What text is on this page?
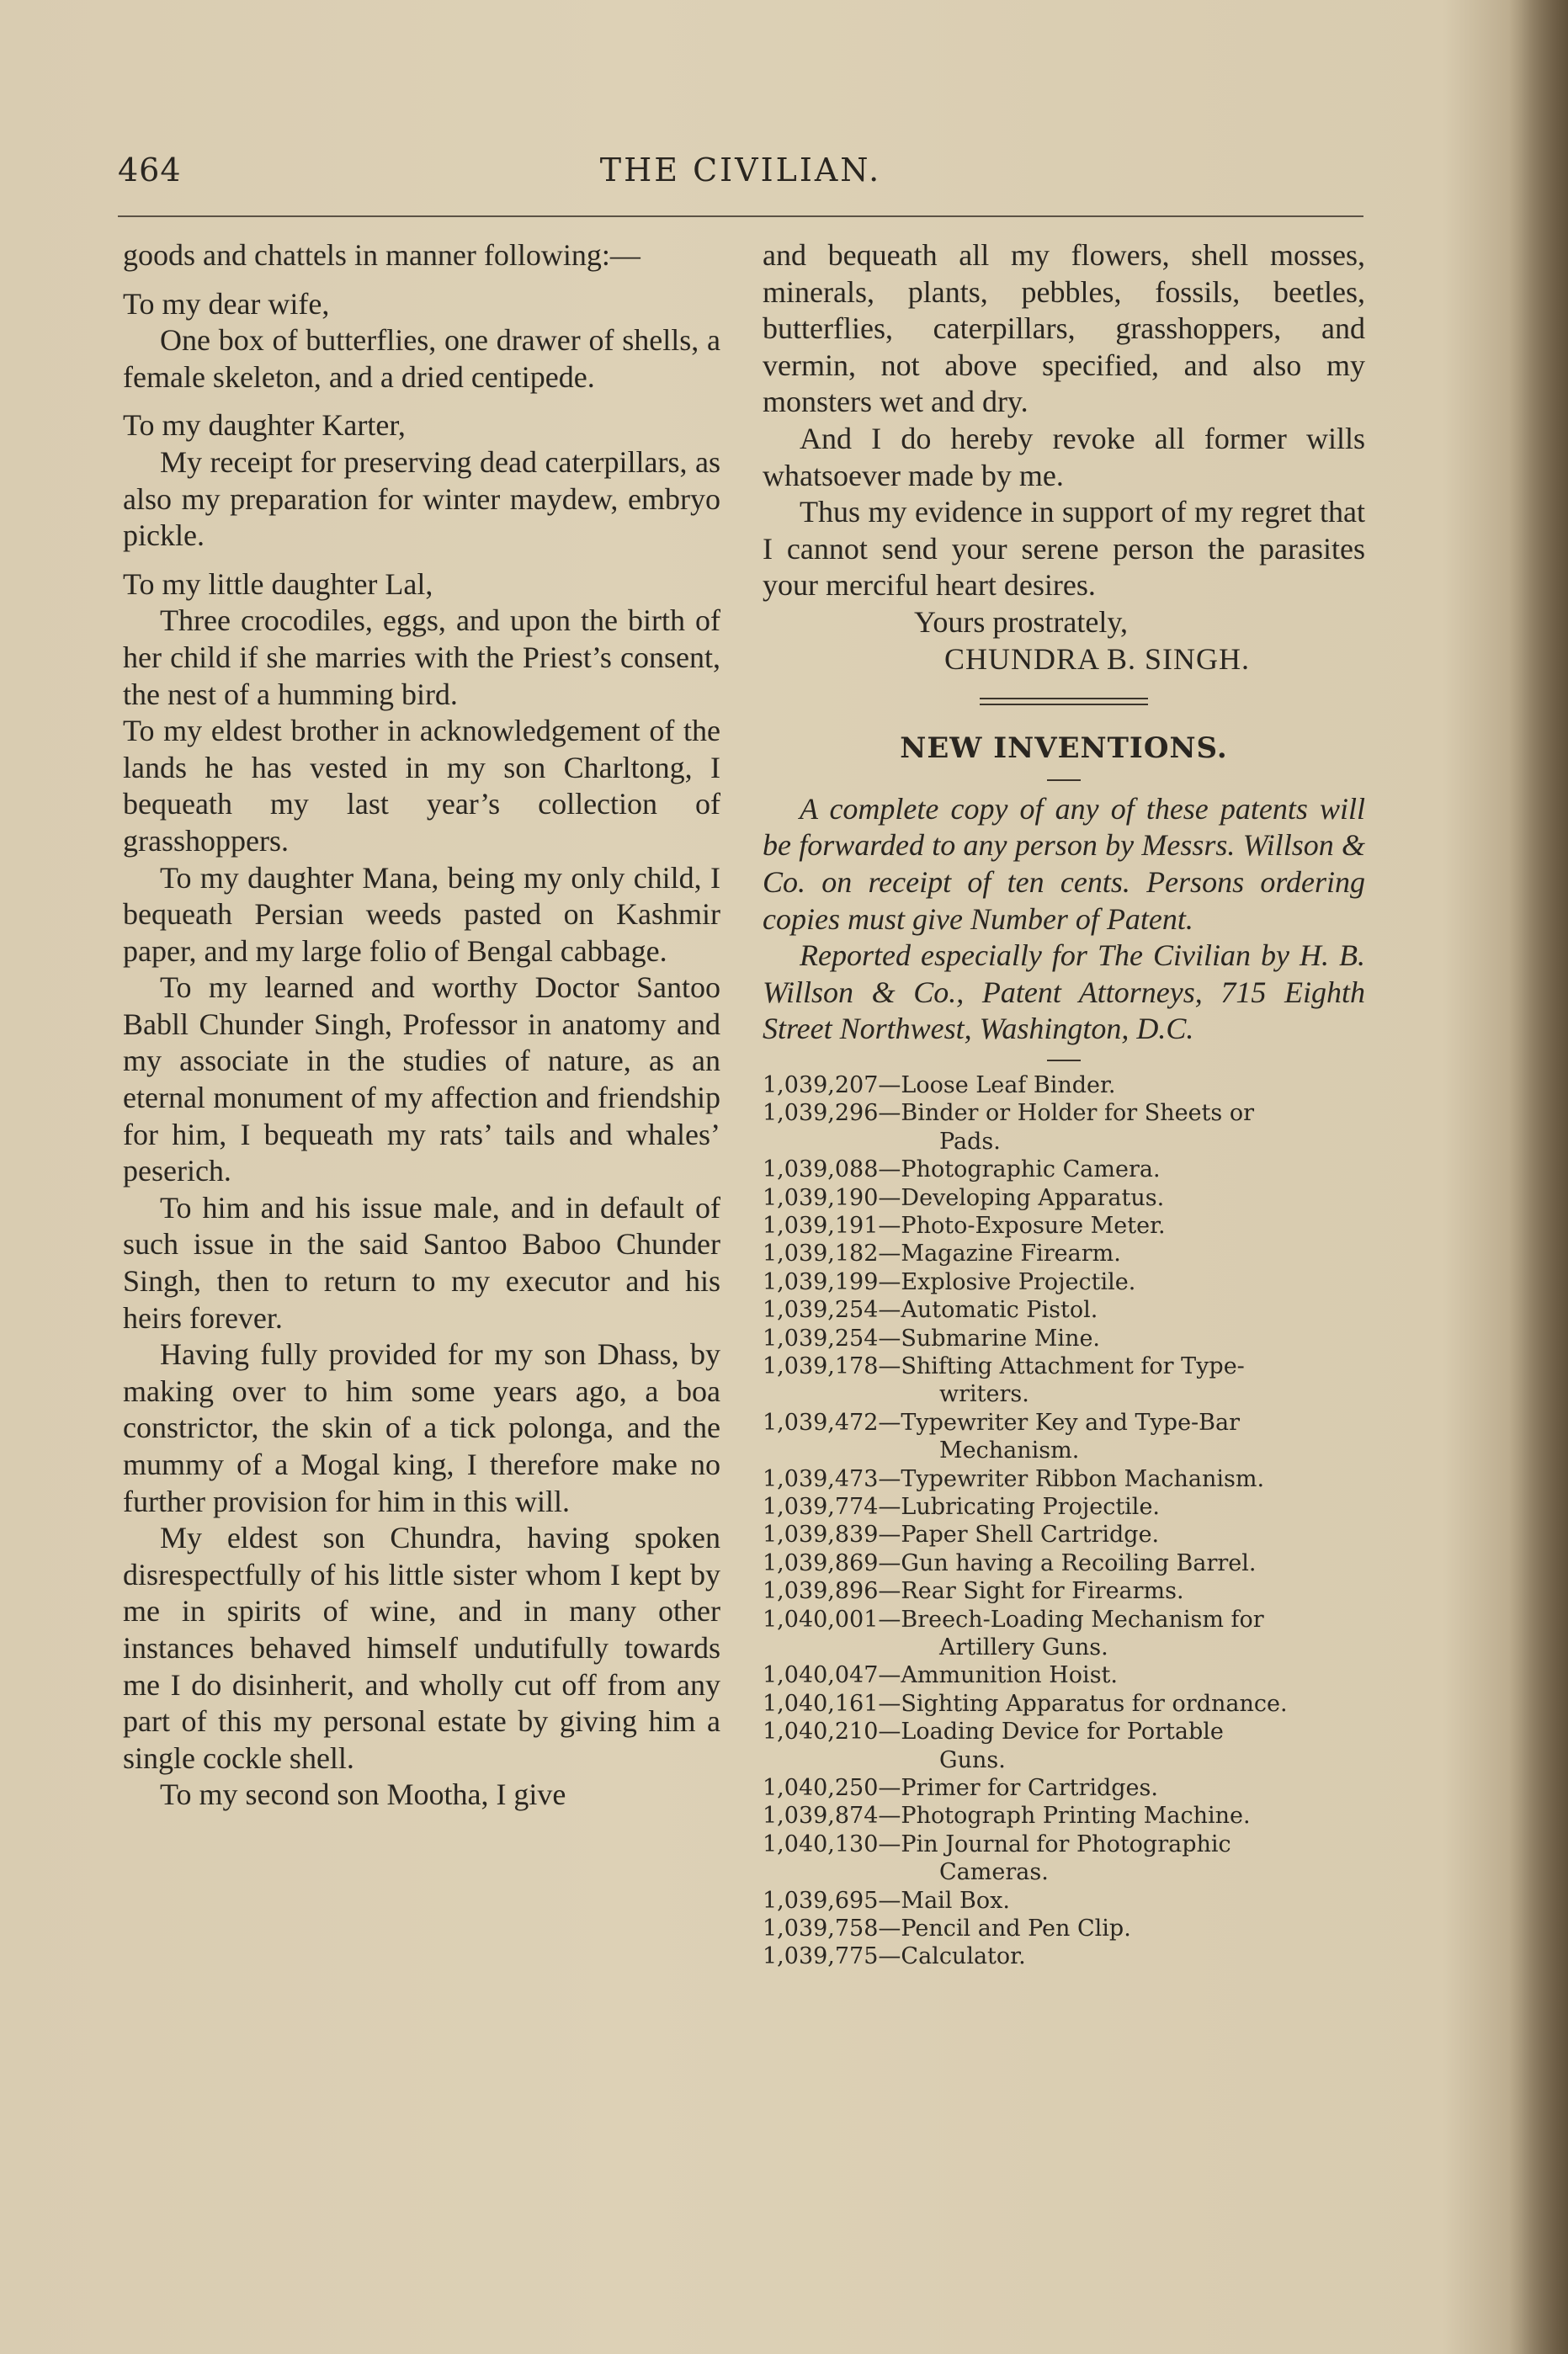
464	THE CIVILIAN.

goods and chattels in manner following:—

To my dear wife,

One box of butterflies, one drawer of shells, a female skeleton, and a dried centipede.

To my daughter Karter,

My receipt for preserving dead caterpillars, as also my preparation for winter maydew, embryo pickle.

To my little daughter Lal,

Three crocodiles, eggs, and upon the birth of her child if she marries with the Priest’s consent, the nest of a humming bird.

To my eldest brother in acknowledgement of the lands he has vested in my son Charltong, I bequeath my last year’s collection of grasshoppers.

To my daughter Mana, being my only child, I bequeath Persian weeds pasted on Kashmir paper, and my large folio of Bengal cabbage.

To my learned and worthy Doctor Santoo Babll Chunder Singh, Professor in anatomy and my associate in the studies of nature, as an eternal monument of my affection and friendship for him, I bequeath my rats’ tails and whales’ peserich.

To him and his issue male, and in default of such issue in the said Santoo Baboo Chunder Singh, then to return to my executor and his heirs forever.

Having fully provided for my son Dhass, by making over to him some years ago, a boa constrictor, the skin of a tick polonga, and the mummy of a Mogal king, I therefore make no further provision for him in this will.

My eldest son Chundra, having spoken disrespectfully of his little sister whom I kept by me in spirits of wine, and in many other instances behaved himself undutifully towards me I do disinherit, and wholly cut off from any part of this my personal estate by giving him a single cockle shell.

To my second son Mootha, I give

and bequeath all my flowers, shell mosses, minerals, plants, pebbles, fossils, beetles, butterflies, caterpillars, grasshoppers, and vermin, not above specified, and also my monsters wet and dry.

And I do hereby revoke all former wills whatsoever made by me.

Thus my evidence in support of my regret that I cannot send your serene person the parasites your merciful heart desires.

Yours prostrately,

CHUNDRA B. SINGH.

NEW INVENTIONS.

A complete copy of any of these patents will be forwarded to any person by Messrs. Willson & Co. on receipt of ten cents. Persons ordering copies must give Number of Patent.

Reported especially for The Civilian by H. B. Willson & Co., Patent Attorneys, 715 Eighth Street Northwest, Washington, D.C.

1,039,207—Loose Leaf Binder.
1,039,296—Binder or Holder for Sheets or
Pads.
1,039,088—Photographic Camera.
1,039,190—Developing Apparatus.
1,039,191—Photo-Exposure Meter.
1,039,182—Magazine Firearm.
1,039,199—Explosive Projectile.
1,039,254—Automatic Pistol.
1,039,254—Submarine Mine.
1,039,178—Shifting Attachment for Type-
writers.
1,039,472—Typewriter Key and Type-Bar
Mechanism.
1,039,473—Typewriter Ribbon Machanism.
1,039,774—Lubricating Projectile.
1,039,839—Paper Shell Cartridge.
1,039,869—Gun having a Recoiling Barrel.
1,039,896—Rear Sight for Firearms.
1,040,001—Breech-Loading Mechanism for
Artillery Guns.
1,040,047—Ammunition Hoist.
1,040,161—Sighting Apparatus for ordnance.
1,040,210—Loading Device for Portable
Guns.
1,040,250—Primer for Cartridges.
1,039,874—Photograph Printing Machine.
1,040,130—Pin Journal for Photographic
Cameras.
1,039,695—Mail Box.
1,039,758—Pencil and Pen Clip.
1,039,775—Calculator.
